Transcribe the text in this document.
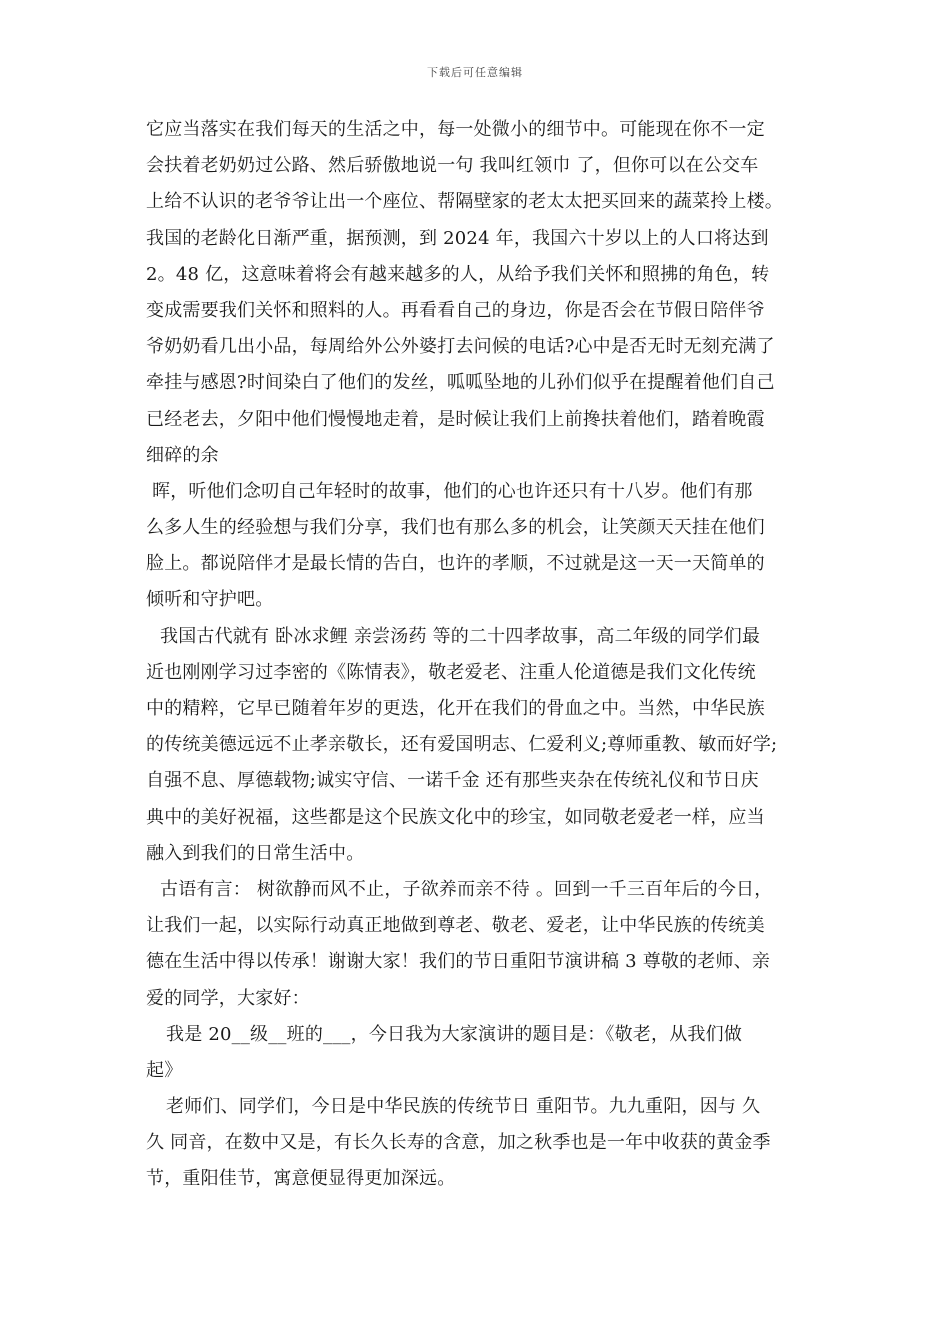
下载后可任意编辑
它应当落实在我们每天的生活之中，每一处微小的细节中。可能现在你不一定
会扶着老奶奶过公路、然后骄傲地说一句 我叫红领巾 了，但你可以在公交车
上给不认识的老爷爷让出一个座位、帮隔壁家的老太太把买回来的蔬菜拎上楼。
我国的老龄化日渐严重，据预测，到 2024 年，我国六十岁以上的人口将达到
2。48 亿，这意味着将会有越来越多的人，从给予我们关怀和照拂的角色，转
变成需要我们关怀和照料的人。再看看自己的身边，你是否会在节假日陪伴爷
爷奶奶看几出小品，每周给外公外婆打去问候的电话?心中是否无时无刻充满了
牵挂与感恩?时间染白了他们的发丝，呱呱坠地的儿孙们似乎在提醒着他们自己
已经老去，夕阳中他们慢慢地走着，是时候让我们上前搀扶着他们，踏着晚霞
细碎的余
晖，听他们念叨自己年轻时的故事，他们的心也许还只有十八岁。他们有那
么多人生的经验想与我们分享，我们也有那么多的机会，让笑颜天天挂在他们
脸上。都说陪伴才是最长情的告白，也许的孝顺，不过就是这一天一天简单的
倾听和守护吧。
我国古代就有 卧冰求鲤 亲尝汤药 等的二十四孝故事，高二年级的同学们最
近也刚刚学习过李密的《陈情表》，敬老爱老、注重人伦道德是我们文化传统
中的精粹，它早已随着年岁的更迭，化开在我们的骨血之中。当然，中华民族
的传统美德远远不止孝亲敬长，还有爱国明志、仁爱利义;尊师重教、敏而好学;
自强不息、厚德载物;诚实守信、一诺千金 还有那些夹杂在传统礼仪和节日庆
典中的美好祝福，这些都是这个民族文化中的珍宝，如同敬老爱老一样，应当
融入到我们的日常生活中。
古语有言： 树欲静而风不止，子欲养而亲不待 。回到一千三百年后的今日，
让我们一起，以实际行动真正地做到尊老、敬老、爱老，让中华民族的传统美
德在生活中得以传承！谢谢大家！我们的节日重阳节演讲稿 3 尊敬的老师、亲
爱的同学，大家好：
我是 20__级__班的___，今日我为大家演讲的题目是：《敬老，从我们做
起》
老师们、同学们，今日是中华民族的传统节日 重阳节。九九重阳，因与 久
久 同音，在数中又是，有长久长寿的含意，加之秋季也是一年中收获的黄金季
节，重阳佳节，寓意便显得更加深远。
